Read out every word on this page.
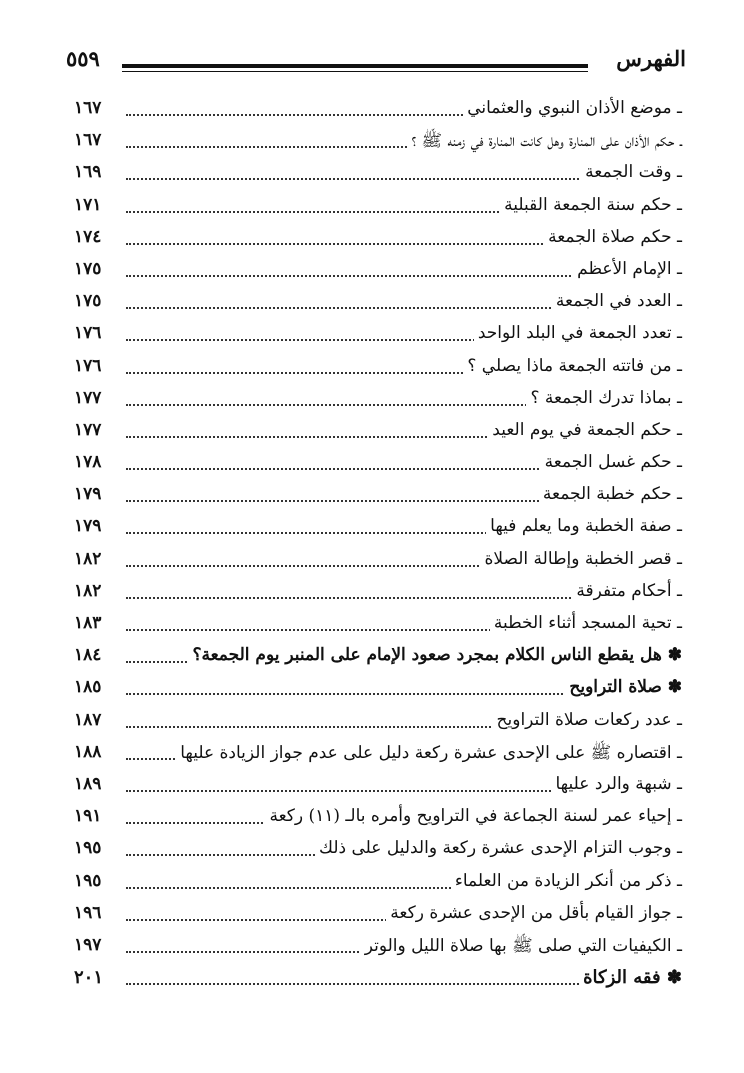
الفهرس
٥٥٩
ـ موضع الأذان النبوي والعثماني
١٦٧
ـ حكم الأذان على المنارة وهل كانت المنارة في زمنه ﷺ ؟
١٦٧
ـ وقت الجمعة
١٦٩
ـ حكم سنة الجمعة القبلية
١٧١
ـ حكم صلاة الجمعة
١٧٤
ـ الإمام الأعظم
١٧٥
ـ العدد في الجمعة
١٧٥
ـ تعدد الجمعة في البلد الواحد
١٧٦
ـ من فاتته الجمعة ماذا يصلي ؟
١٧٦
ـ بماذا تدرك الجمعة ؟
١٧٧
ـ حكم الجمعة في يوم العيد
١٧٧
ـ حكم غسل الجمعة
١٧٨
ـ حكم خطبة الجمعة
١٧٩
ـ صفة الخطبة وما يعلم فيها
١٧٩
ـ قصر الخطبة وإطالة الصلاة
١٨٢
ـ أحكام متفرقة
١٨٢
ـ تحية المسجد أثناء الخطبة
١٨٣
✽ هل يقطع الناس الكلام بمجرد صعود الإمام على المنبر يوم الجمعة؟
١٨٤
✽ صلاة التراويح
١٨٥
ـ عدد ركعات صلاة التراويح
١٨٧
ـ اقتصاره ﷺ على الإحدى عشرة ركعة دليل على عدم جواز الزيادة عليها
١٨٨
ـ شبهة والرد عليها
١٨٩
ـ إحياء عمر لسنة الجماعة في التراويح وأمره بالـ (١١) ركعة
١٩١
ـ وجوب التزام الإحدى عشرة ركعة والدليل على ذلك
١٩٥
ـ ذكر من أنكر الزيادة من العلماء
١٩٥
ـ جواز القيام بأقل من الإحدى عشرة ركعة
١٩٦
ـ الكيفيات التي صلى ﷺ بها صلاة الليل والوتر
١٩٧
✽ فقه الزكاة
٢٠١
